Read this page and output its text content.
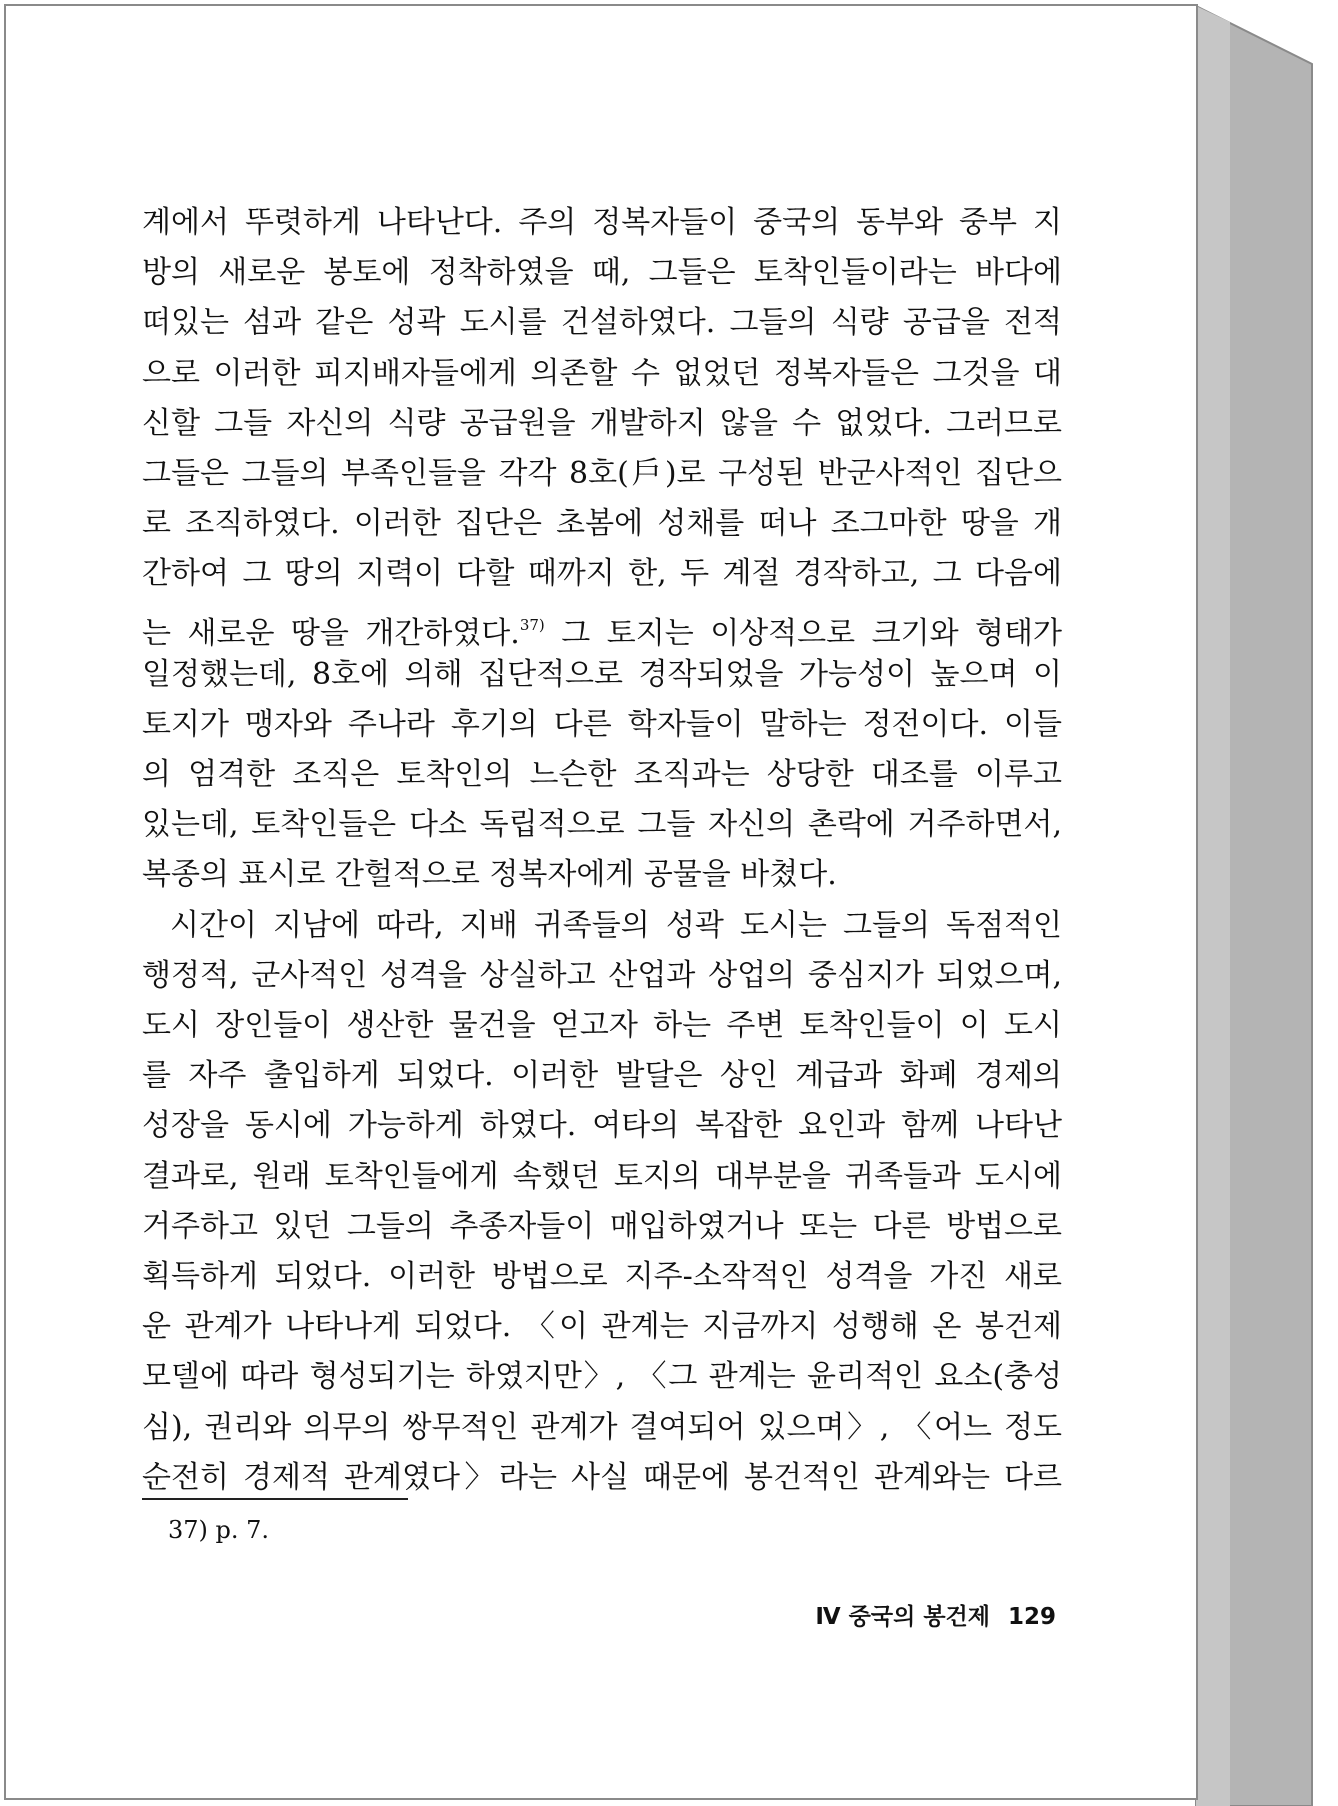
계에서 뚜렷하게 나타난다. 주의 정복자들이 중국의 동부와 중부 지
방의 새로운 봉토에 정착하였을 때, 그들은 토착인들이라는 바다에
떠있는 섬과 같은 성곽 도시를 건설하였다. 그들의 식량 공급을 전적
으로 이러한 피지배자들에게 의존할 수 없었던 정복자들은 그것을 대
신할 그들 자신의 식량 공급원을 개발하지 않을 수 없었다. 그러므로
그들은 그들의 부족인들을 각각 8호(戶)로 구성된 반군사적인 집단으
로 조직하였다. 이러한 집단은 초봄에 성채를 떠나 조그마한 땅을 개
간하여 그 땅의 지력이 다할 때까지 한, 두 계절 경작하고, 그 다음에
는 새로운 땅을 개간하였다.$^{37)}$ 그 토지는 이상적으로 크기와 형태가
일정했는데, 8호에 의해 집단적으로 경작되었을 가능성이 높으며 이
토지가 맹자와 주나라 후기의 다른 학자들이 말하는 정전이다. 이들
의 엄격한 조직은 토착인의 느슨한 조직과는 상당한 대조를 이루고
있는데, 토착인들은 다소 독립적으로 그들 자신의 촌락에 거주하면서,
복종의 표시로 간헐적으로 정복자에게 공물을 바쳤다.
시간이 지남에 따라, 지배 귀족들의 성곽 도시는 그들의 독점적인
행정적, 군사적인 성격을 상실하고 산업과 상업의 중심지가 되었으며,
도시 장인들이 생산한 물건을 얻고자 하는 주변 토착인들이 이 도시
를 자주 출입하게 되었다. 이러한 발달은 상인 계급과 화폐 경제의
성장을 동시에 가능하게 하였다. 여타의 복잡한 요인과 함께 나타난
결과로, 원래 토착인들에게 속했던 토지의 대부분을 귀족들과 도시에
거주하고 있던 그들의 추종자들이 매입하였거나 또는 다른 방법으로
획득하게 되었다. 이러한 방법으로 지주-소작적인 성격을 가진 새로
운 관계가 나타나게 되었다. 〈이 관계는 지금까지 성행해 온 봉건제
모델에 따라 형성되기는 하였지만〉, 〈그 관계는 윤리적인 요소(충성
심), 권리와 의무의 쌍무적인 관계가 결여되어 있으며〉, 〈어느 정도
순전히 경제적 관계였다〉라는 사실 때문에 봉건적인 관계와는 다르
37) p. 7.
Ⅳ 중국의 봉건제 129
